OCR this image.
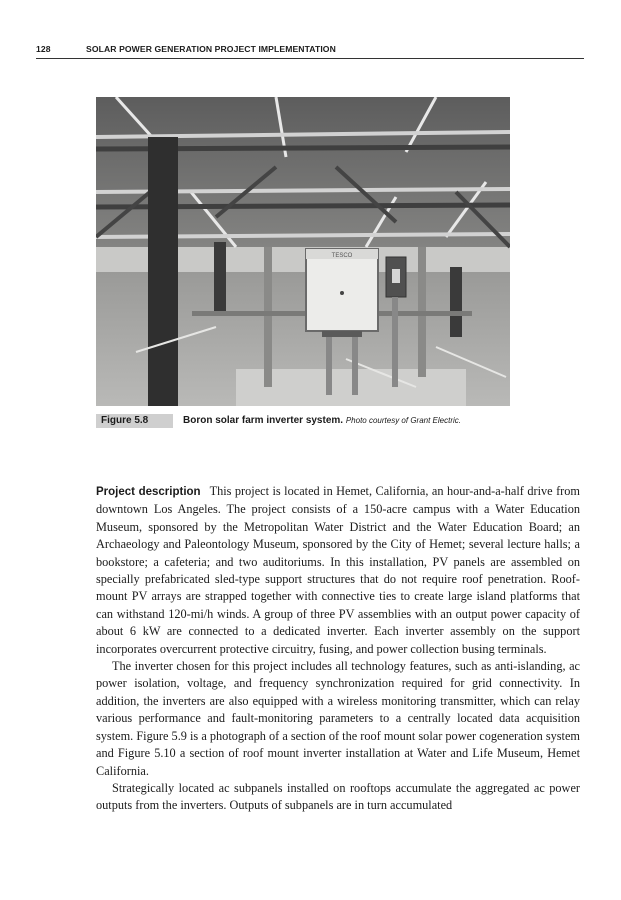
128	SOLAR POWER GENERATION PROJECT IMPLEMENTATION
TESCO
Figure 5.8	Boron solar farm inverter system. Photo courtesy of Grant Electric.

Project description This project is located in Hemet, California, an hour-and-a-half drive from downtown Los Angeles. The project consists of a 150-acre campus with a Water Education Museum, sponsored by the Metropolitan Water District and the Water Education Board; an Archaeology and Paleontology Museum, sponsored by the City of Hemet; several lecture halls; a bookstore; a cafeteria; and two auditoriums. In this installation, PV panels are assembled on specially prefabricated sled-type support structures that do not require roof penetration. Roof-mount PV arrays are strapped together with connective ties to create large island platforms that can withstand 120-mi/h winds. A group of three PV assemblies with an output power capacity of about 6 kW are connected to a dedicated inverter. Each inverter assembly on the support incorporates overcurrent protective circuitry, fusing, and power collection busing terminals.

The inverter chosen for this project includes all technology features, such as anti-islanding, ac power isolation, voltage, and frequency synchronization required for grid connectivity. In addition, the inverters are also equipped with a wireless monitoring transmitter, which can relay various performance and fault-monitoring parameters to a centrally located data acquisition system. Figure 5.9 is a photograph of a section of the roof mount solar power cogeneration system and Figure 5.10 a section of roof mount inverter installation at Water and Life Museum, Hemet California.

Strategically located ac subpanels installed on rooftops accumulate the aggregated ac power outputs from the inverters. Outputs of subpanels are in turn accumulated
